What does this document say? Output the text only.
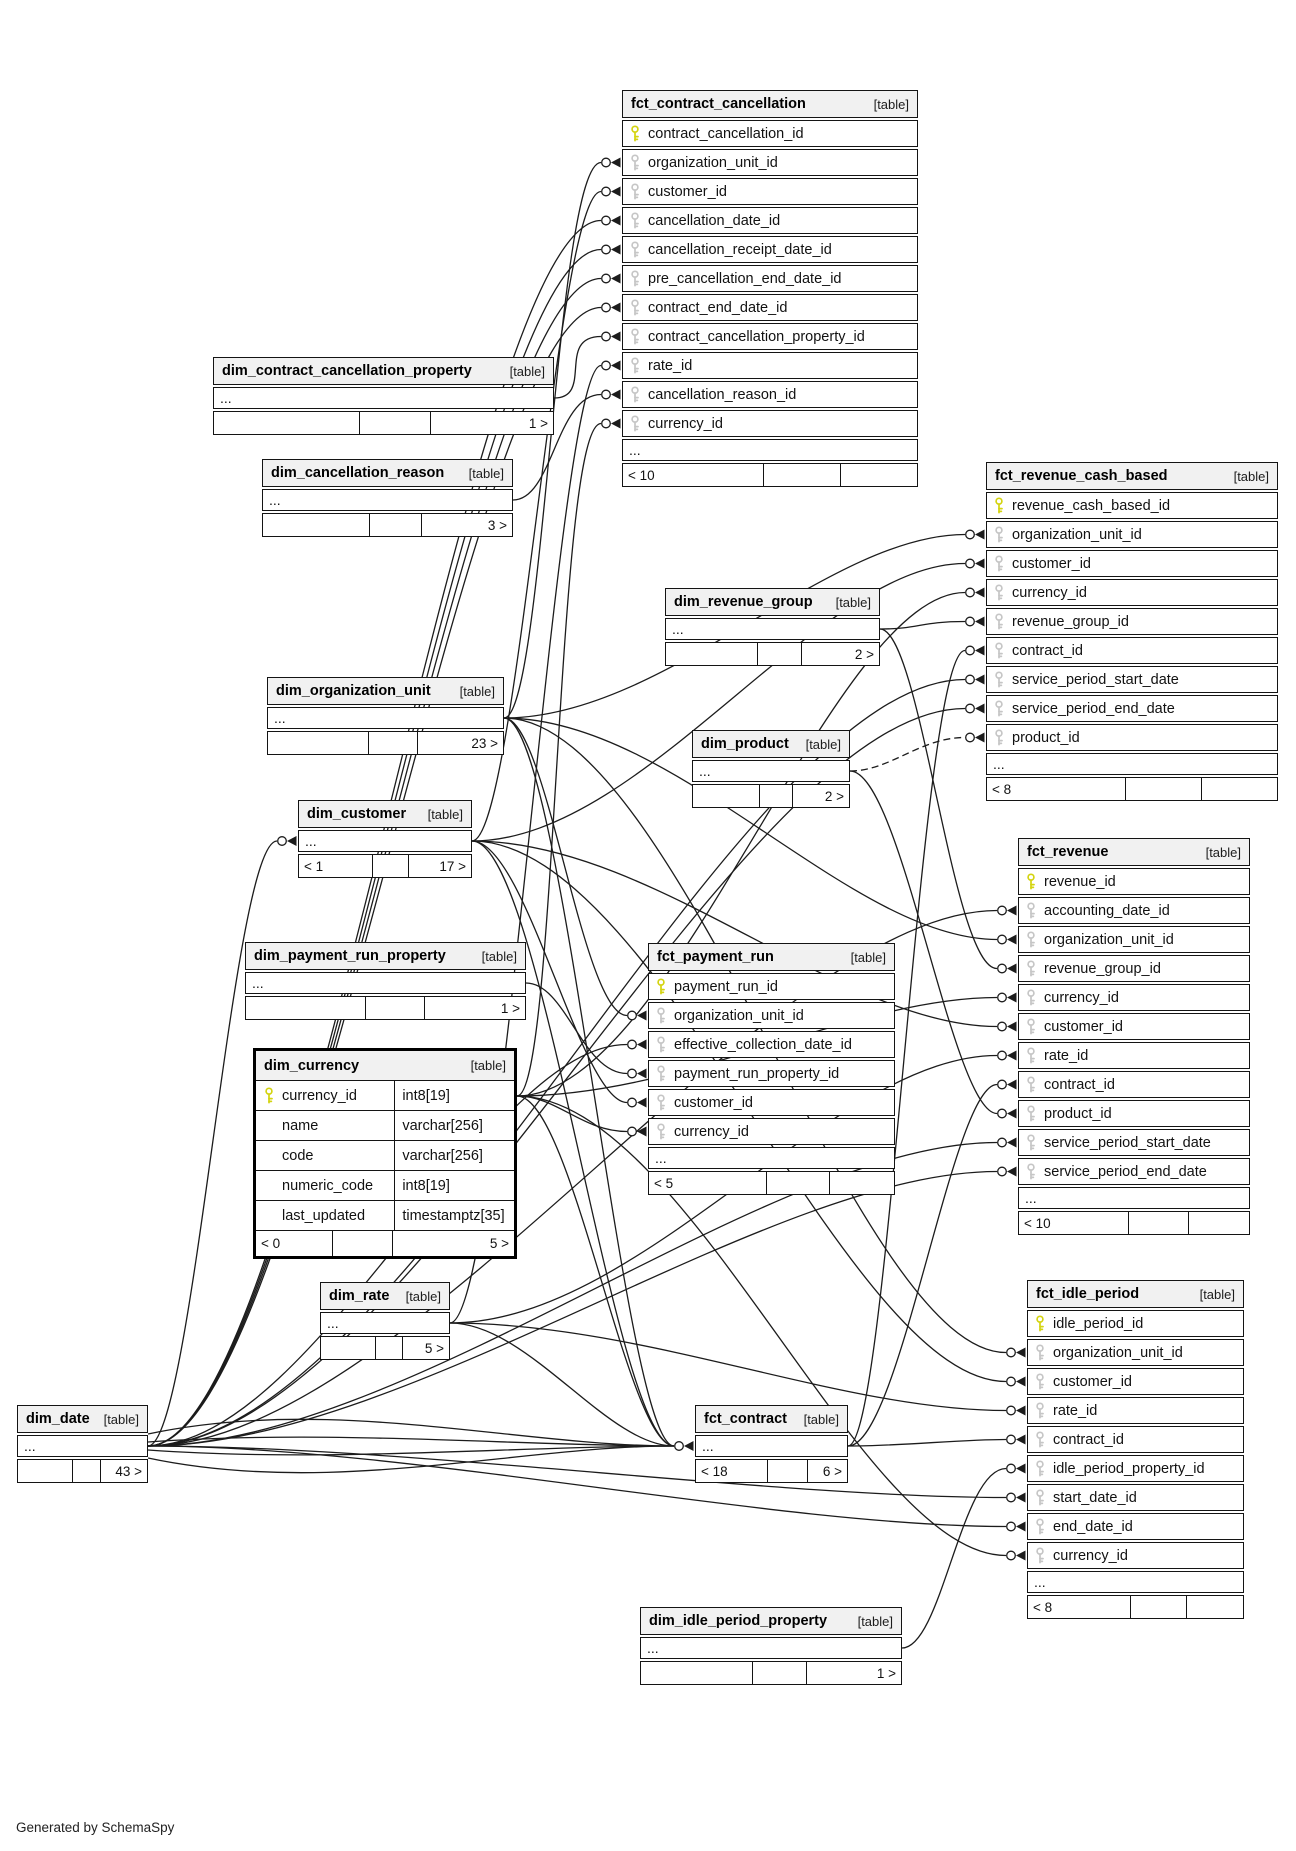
Generated by SchemaSpy
fct_contract_cancellation	[table]
contract_cancellation_id
organization_unit_id
customer_id
cancellation_date_id
cancellation_receipt_date_id
pre_cancellation_end_date_id
contract_end_date_id
contract_cancellation_property_id
rate_id
cancellation_reason_id
currency_id
...
< 10
dim_contract_cancellation_property	[table]
...
1 >
dim_cancellation_reason [table]
...
3 >
fct_revenue_cash_based	[table]
revenue_cash_based_id
organization_unit_id
customer_id
currency_id
revenue_group_id
contract_id
service_period_start_date
service_period_end_date
product_id
...
< 8
dim_revenue_group [table]
...
2 >
dim_organization_unit [table]
...
23 >	dim_product [table]
...
2 >
dim_customer [table]
...
< 1	17 >
fct_revenue	[table]
revenue_id
accounting_date_id
organization_unit_id
revenue_group_id
currency_id
customer_id
rate_id
contract_id
product_id
service_period_start_date
service_period_end_date
...
< 10
dim_payment_run_property	[table]
...
1 >
fct_payment_run	[table]
payment_run_id
organization_unit_id
effective_collection_date_id
payment_run_property_id
customer_id
currency_id
...
< 5
dim_currency	[table]
currency_id	int8[19]
name	varchar[256]
code	varchar[256]
numeric_code	int8[19]
last_updated	timestamptz[35]
< 0	5 >
dim_rate [table]
...
5 >
fct_idle_period	[table]
idle_period_id
organization_unit_id
customer_id
rate_id
contract_id
idle_period_property_id
start_date_id
end_date_id
currency_id
...
< 8
dim_date [table]
...
43 >
fct_contract [table]
...
< 18	6 >
dim_idle_period_property [table]
...
1 >
